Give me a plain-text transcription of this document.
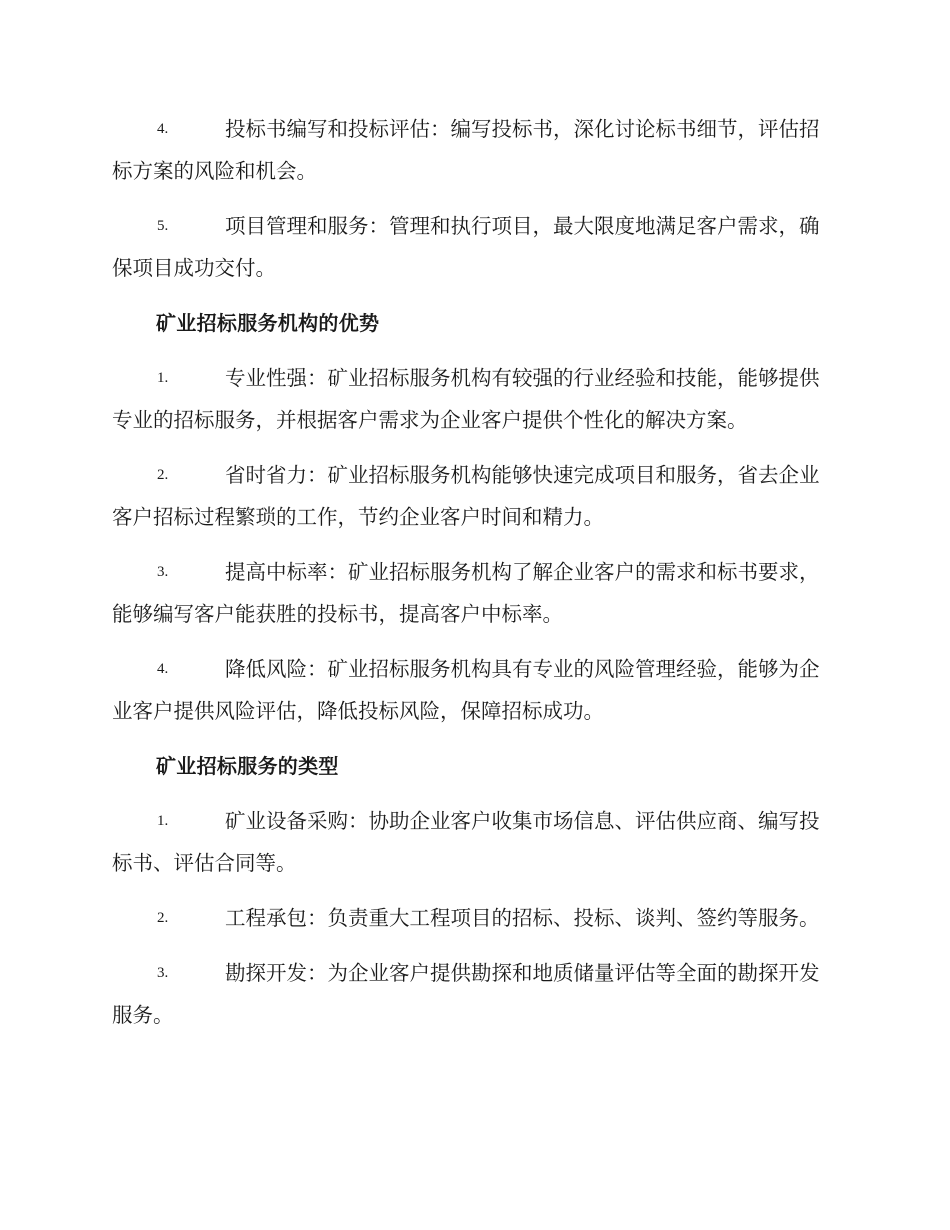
4.	投标书编写和投标评估：编写投标书，深化讨论标书细节，评估招标方案的风险和机会。
5.	项目管理和服务：管理和执行项目，最大限度地满足客户需求，确保项目成功交付。
矿业招标服务机构的优势
1.	专业性强：矿业招标服务机构有较强的行业经验和技能，能够提供专业的招标服务，并根据客户需求为企业客户提供个性化的解决方案。
2.	省时省力：矿业招标服务机构能够快速完成项目和服务，省去企业客户招标过程繁琐的工作，节约企业客户时间和精力。
3.	提高中标率：矿业招标服务机构了解企业客户的需求和标书要求，能够编写客户能获胜的投标书，提高客户中标率。
4.	降低风险：矿业招标服务机构具有专业的风险管理经验，能够为企业客户提供风险评估，降低投标风险，保障招标成功。
矿业招标服务的类型
1.	矿业设备采购：协助企业客户收集市场信息、评估供应商、编写投标书、评估合同等。
2.	工程承包：负责重大工程项目的招标、投标、谈判、签约等服务。
3.	勘探开发：为企业客户提供勘探和地质储量评估等全面的勘探开发服务。
